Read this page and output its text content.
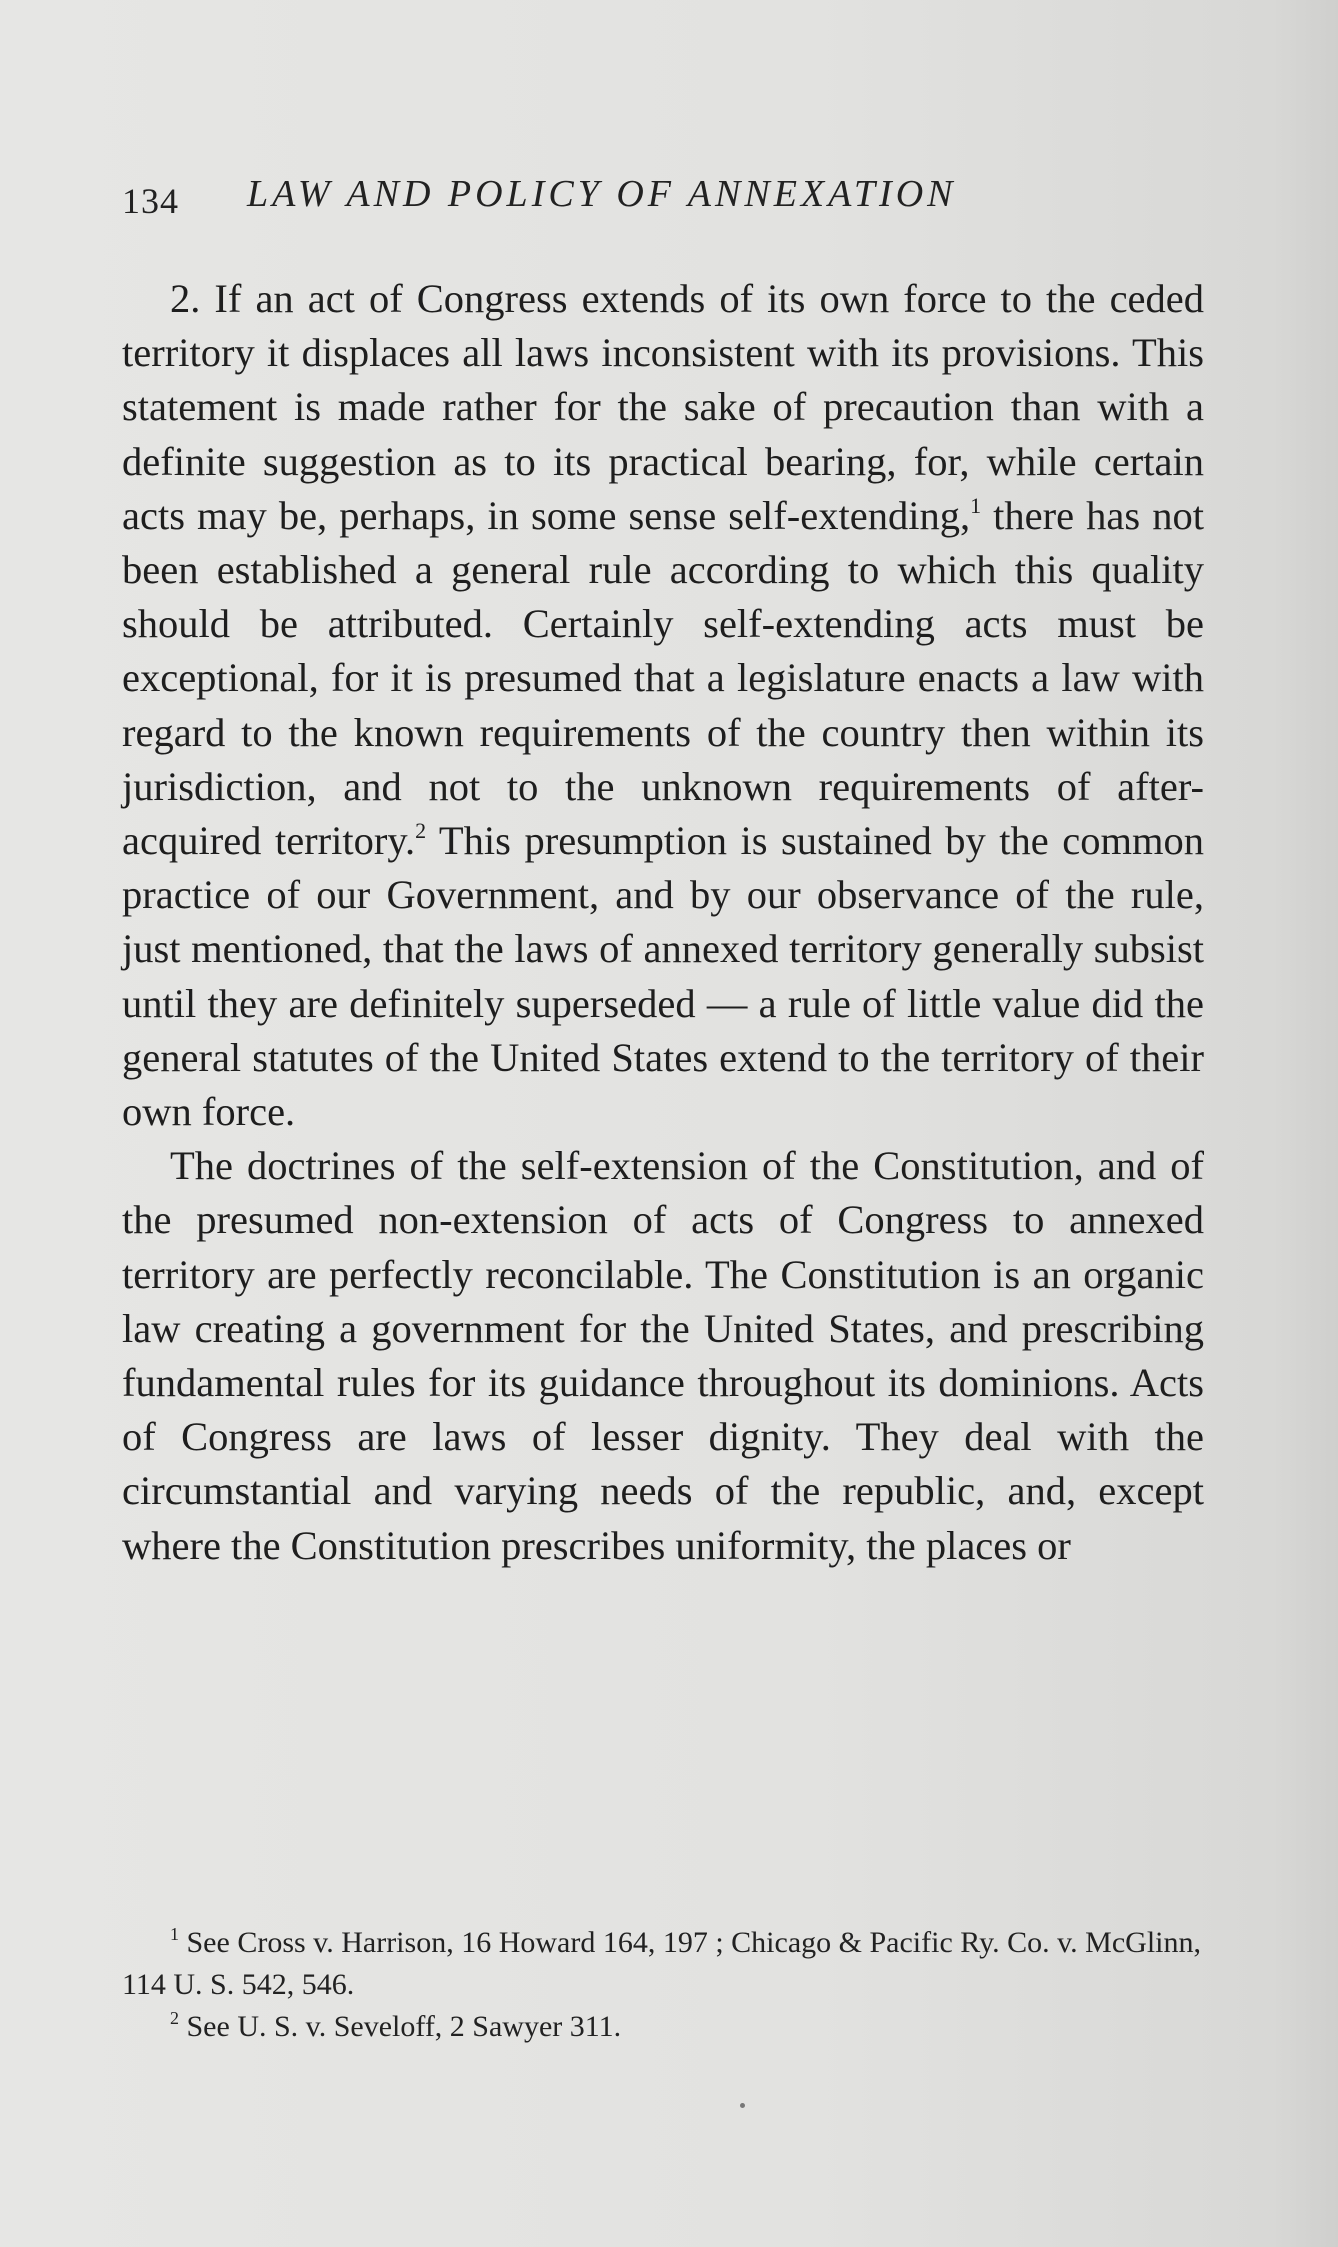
134 LAW AND POLICY OF ANNEXATION

2. If an act of Congress extends of its own force to the ceded territory it displaces all laws inconsistent with its provisions. This statement is made rather for the sake of precaution than with a definite suggestion as to its practical bearing, for, while certain acts may be, perhaps, in some sense self-extending,$^1$ there has not been established a general rule according to which this quality should be attributed. Certainly self-extending acts must be exceptional, for it is presumed that a legislature enacts a law with regard to the known requirements of the country then within its jurisdiction, and not to the unknown requirements of after-acquired territory.$^2$ This presumption is sustained by the common practice of our Government, and by our observance of the rule, just mentioned, that the laws of annexed territory generally subsist until they are definitely superseded — a rule of little value did the general statutes of the United States extend to the territory of their own force.

The doctrines of the self-extension of the Constitution, and of the presumed non-extension of acts of Congress to annexed territory are perfectly reconcilable. The Constitution is an organic law creating a government for the United States, and prescribing fundamental rules for its guidance throughout its dominions. Acts of Congress are laws of lesser dignity. They deal with the circumstantial and varying needs of the republic, and, except where the Constitution prescribes uniformity, the places or

$^1$ See Cross v. Harrison, 16 Howard 164, 197 ; Chicago & Pacific Ry. Co. v. McGlinn, 114 U. S. 542, 546.

$^2$ See U. S. v. Seveloff, 2 Sawyer 311.
